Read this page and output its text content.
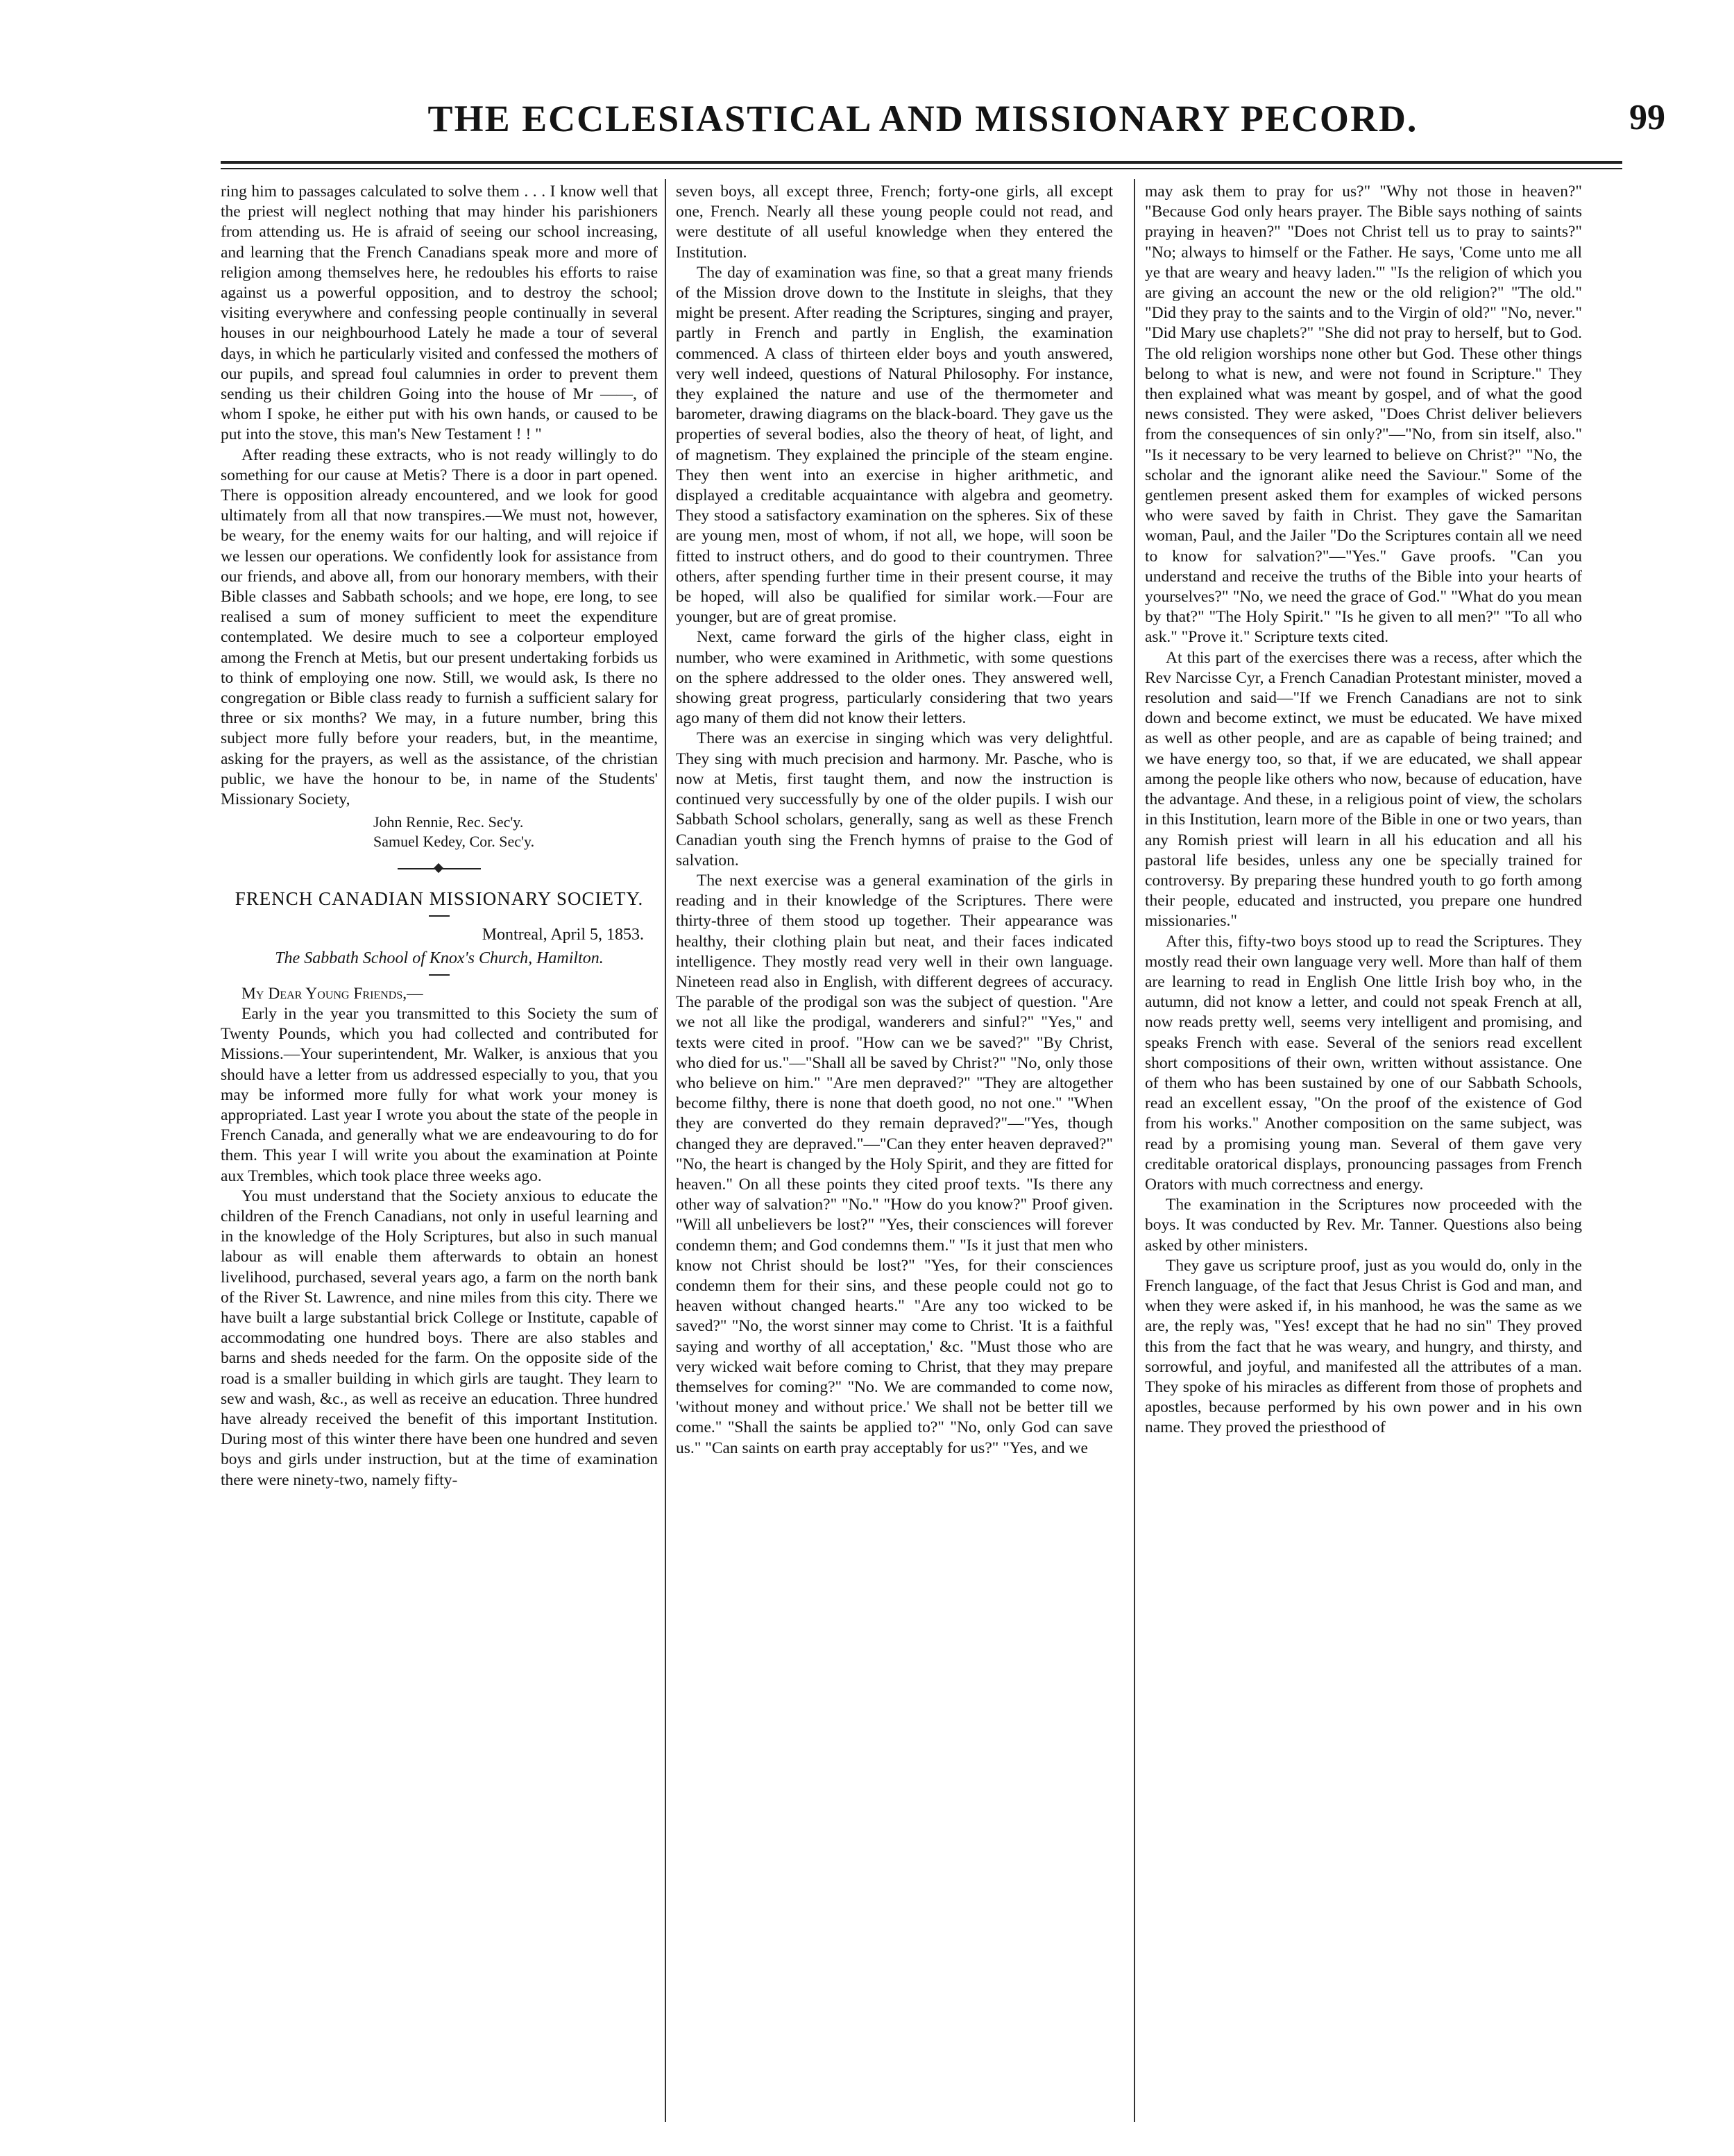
THE ECCLESIASTICAL AND MISSIONARY PECORD.	99

ring him to passages calculated to solve them . . . I know well that the priest will neglect nothing that may hinder his parishioners from attending us. He is afraid of seeing our school increasing, and learning that the French Canadians speak more and more of religion among themselves here, he redoubles his efforts to raise against us a powerful opposition, and to destroy the school; visiting everywhere and confessing people continually in several houses in our neighbourhood Lately he made a tour of several days, in which he particularly visited and confessed the mothers of our pupils, and spread foul calumnies in order to prevent them sending us their children Going into the house of Mr ——, of whom I spoke, he either put with his own hands, or caused to be put into the stove, this man's New Testament ! ! "

After reading these extracts, who is not ready willingly to do something for our cause at Metis? There is a door in part opened. There is opposition already encountered, and we look for good ultimately from all that now transpires.—We must not, however, be weary, for the enemy waits for our halting, and will rejoice if we lessen our operations. We confidently look for assistance from our friends, and above all, from our honorary members, with their Bible classes and Sabbath schools; and we hope, ere long, to see realised a sum of money sufficient to meet the expenditure contemplated. We desire much to see a colporteur employed among the French at Metis, but our present undertaking forbids us to think of employing one now. Still, we would ask, Is there no congregation or Bible class ready to furnish a sufficient salary for three or six months? We may, in a future number, bring this subject more fully before your readers, but, in the meantime, asking for the prayers, as well as the assistance, of the christian public, we have the honour to be, in name of the Students' Missionary Society,

John Rennie, Rec. Sec'y.
Samuel Kedey, Cor. Sec'y.
FRENCH CANADIAN MISSIONARY SOCIETY.
Montreal, April 5, 1853.
The Sabbath School of Knox's Church, Hamilton.

My Dear Young Friends,—

Early in the year you transmitted to this Society the sum of Twenty Pounds, which you had collected and contributed for Missions.—Your superintendent, Mr. Walker, is anxious that you should have a letter from us addressed especially to you, that you may be informed more fully for what work your money is appropriated. Last year I wrote you about the state of the people in French Canada, and generally what we are endeavouring to do for them. This year I will write you about the examination at Pointe aux Trembles, which took place three weeks ago.

You must understand that the Society anxious to educate the children of the French Canadians, not only in useful learning and in the knowledge of the Holy Scriptures, but also in such manual labour as will enable them afterwards to obtain an honest livelihood, purchased, several years ago, a farm on the north bank of the River St. Lawrence, and nine miles from this city. There we have built a large substantial brick College or Institute, capable of accommodating one hundred boys. There are also stables and barns and sheds needed for the farm. On the opposite side of the road is a smaller building in which girls are taught. They learn to sew and wash, &c., as well as receive an education. Three hundred have already received the benefit of this important Institution. During most of this winter there have been one hundred and seven boys and girls under instruction, but at the time of examination there were ninety-two, namely fifty-

seven boys, all except three, French; forty-one girls, all except one, French. Nearly all these young people could not read, and were destitute of all useful knowledge when they entered the Institution.

The day of examination was fine, so that a great many friends of the Mission drove down to the Institute in sleighs, that they might be present. After reading the Scriptures, singing and prayer, partly in French and partly in English, the examination commenced. A class of thirteen elder boys and youth answered, very well indeed, questions of Natural Philosophy. For instance, they explained the nature and use of the thermometer and barometer, drawing diagrams on the black-board. They gave us the properties of several bodies, also the theory of heat, of light, and of magnetism. They explained the principle of the steam engine. They then went into an exercise in higher arithmetic, and displayed a creditable acquaintance with algebra and geometry. They stood a satisfactory examination on the spheres. Six of these are young men, most of whom, if not all, we hope, will soon be fitted to instruct others, and do good to their countrymen. Three others, after spending further time in their present course, it may be hoped, will also be qualified for similar work.—Four are younger, but are of great promise.

Next, came forward the girls of the higher class, eight in number, who were examined in Arithmetic, with some questions on the sphere addressed to the older ones. They answered well, showing great progress, particularly considering that two years ago many of them did not know their letters.

There was an exercise in singing which was very delightful. They sing with much precision and harmony. Mr. Pasche, who is now at Metis, first taught them, and now the instruction is continued very successfully by one of the older pupils. I wish our Sabbath School scholars, generally, sang as well as these French Canadian youth sing the French hymns of praise to the God of salvation.

The next exercise was a general examination of the girls in reading and in their knowledge of the Scriptures. There were thirty-three of them stood up together. Their appearance was healthy, their clothing plain but neat, and their faces indicated intelligence. They mostly read very well in their own language. Nineteen read also in English, with different degrees of accuracy. The parable of the prodigal son was the subject of question. "Are we not all like the prodigal, wanderers and sinful?" "Yes," and texts were cited in proof. "How can we be saved?" "By Christ, who died for us."—"Shall all be saved by Christ?" "No, only those who believe on him." "Are men depraved?" "They are altogether become filthy, there is none that doeth good, no not one." "When they are converted do they remain depraved?"—"Yes, though changed they are depraved."—"Can they enter heaven depraved?" "No, the heart is changed by the Holy Spirit, and they are fitted for heaven." On all these points they cited proof texts. "Is there any other way of salvation?" "No." "How do you know?" Proof given. "Will all unbelievers be lost?" "Yes, their consciences will forever condemn them; and God condemns them." "Is it just that men who know not Christ should be lost?" "Yes, for their consciences condemn them for their sins, and these people could not go to heaven without changed hearts." "Are any too wicked to be saved?" "No, the worst sinner may come to Christ. 'It is a faithful saying and worthy of all acceptation,' &c. "Must those who are very wicked wait before coming to Christ, that they may prepare themselves for coming?" "No. We are commanded to come now, 'without money and without price.' We shall not be better till we come." "Shall the saints be applied to?" "No, only God can save us." "Can saints on earth pray acceptably for us?" "Yes, and we

may ask them to pray for us?" "Why not those in heaven?" "Because God only hears prayer. The Bible says nothing of saints praying in heaven?" "Does not Christ tell us to pray to saints?" "No; always to himself or the Father. He says, 'Come unto me all ye that are weary and heavy laden.'" "Is the religion of which you are giving an account the new or the old religion?" "The old." "Did they pray to the saints and to the Virgin of old?" "No, never." "Did Mary use chaplets?" "She did not pray to herself, but to God. The old religion worships none other but God. These other things belong to what is new, and were not found in Scripture." They then explained what was meant by gospel, and of what the good news consisted. They were asked, "Does Christ deliver believers from the consequences of sin only?"—"No, from sin itself, also." "Is it necessary to be very learned to believe on Christ?" "No, the scholar and the ignorant alike need the Saviour." Some of the gentlemen present asked them for examples of wicked persons who were saved by faith in Christ. They gave the Samaritan woman, Paul, and the Jailer "Do the Scriptures contain all we need to know for salvation?"—"Yes." Gave proofs. "Can you understand and receive the truths of the Bible into your hearts of yourselves?" "No, we need the grace of God." "What do you mean by that?" "The Holy Spirit." "Is he given to all men?" "To all who ask." "Prove it." Scripture texts cited.

At this part of the exercises there was a recess, after which the Rev Narcisse Cyr, a French Canadian Protestant minister, moved a resolution and said—"If we French Canadians are not to sink down and become extinct, we must be educated. We have mixed as well as other people, and are as capable of being trained; and we have energy too, so that, if we are educated, we shall appear among the people like others who now, because of education, have the advantage. And these, in a religious point of view, the scholars in this Institution, learn more of the Bible in one or two years, than any Romish priest will learn in all his education and all his pastoral life besides, unless any one be specially trained for controversy. By preparing these hundred youth to go forth among their people, educated and instructed, you prepare one hundred missionaries."

After this, fifty-two boys stood up to read the Scriptures. They mostly read their own language very well. More than half of them are learning to read in English One little Irish boy who, in the autumn, did not know a letter, and could not speak French at all, now reads pretty well, seems very intelligent and promising, and speaks French with ease. Several of the seniors read excellent short compositions of their own, written without assistance. One of them who has been sustained by one of our Sabbath Schools, read an excellent essay, "On the proof of the existence of God from his works." Another composition on the same subject, was read by a promising young man. Several of them gave very creditable oratorical displays, pronouncing passages from French Orators with much correctness and energy.

The examination in the Scriptures now proceeded with the boys. It was conducted by Rev. Mr. Tanner. Questions also being asked by other ministers.

They gave us scripture proof, just as you would do, only in the French language, of the fact that Jesus Christ is God and man, and when they were asked if, in his manhood, he was the same as we are, the reply was, "Yes! except that he had no sin" They proved this from the fact that he was weary, and hungry, and thirsty, and sorrowful, and joyful, and manifested all the attributes of a man. They spoke of his miracles as different from those of prophets and apostles, because performed by his own power and in his own name. They proved the priesthood of
